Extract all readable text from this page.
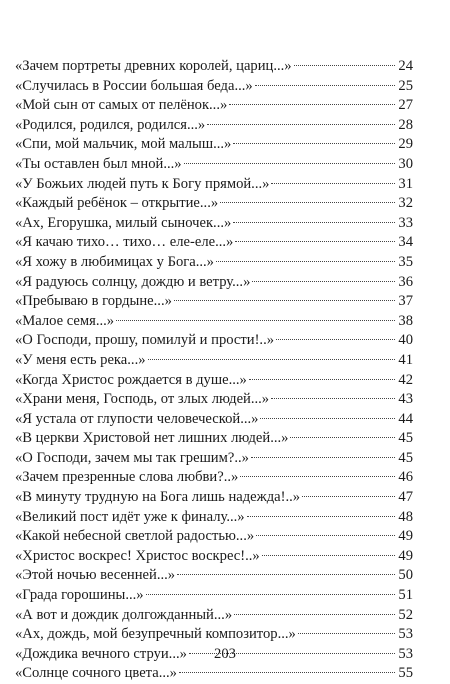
«Зачем портреты древних королей, цариц...»	24
«Случилась в России большая беда...»	25
«Мой сын от самых от пелёнок...»	27
«Родился, родился, родился...»	28
«Спи, мой мальчик, мой малыш...»	29
«Ты оставлен был мной...»	30
«У Божьих людей путь к Богу прямой...»	31
«Каждый ребёнок – открытие...»	32
«Ах, Егорушка, милый сыночек...»	33
«Я качаю тихо… тихо… еле-еле...»	34
«Я хожу в любимицах у Бога...»	35
«Я радуюсь солнцу, дождю и ветру...»	36
«Пребываю в гордыне...»	37
«Малое семя...»	38
«О Господи, прошу, помилуй и прости!..»	40
«У меня есть река...»	41
«Когда Христос рождается в душе...»	42
«Храни меня, Господь, от злых людей...»	43
«Я устала от глупости человеческой...»	44
«В церкви Христовой нет лишних людей...»	45
«О Господи, зачем мы так грешим?..»	45
«Зачем презренные слова любви?..»	46
«В минуту трудную на Бога лишь надежда!..»	47
«Великий пост идёт уже к финалу...»	48
«Какой небесной светлой радостью...»	49
«Христос воскрес! Христос воскрес!..»	49
«Этой ночью весенней...»	50
«Града горошины...»	51
«А вот и дождик долгожданный...»	52
«Ах, дождь, мой безупречный композитор...»	53
«Дождика вечного струи...»	53
«Солнце сочного цвета...»	55
203
